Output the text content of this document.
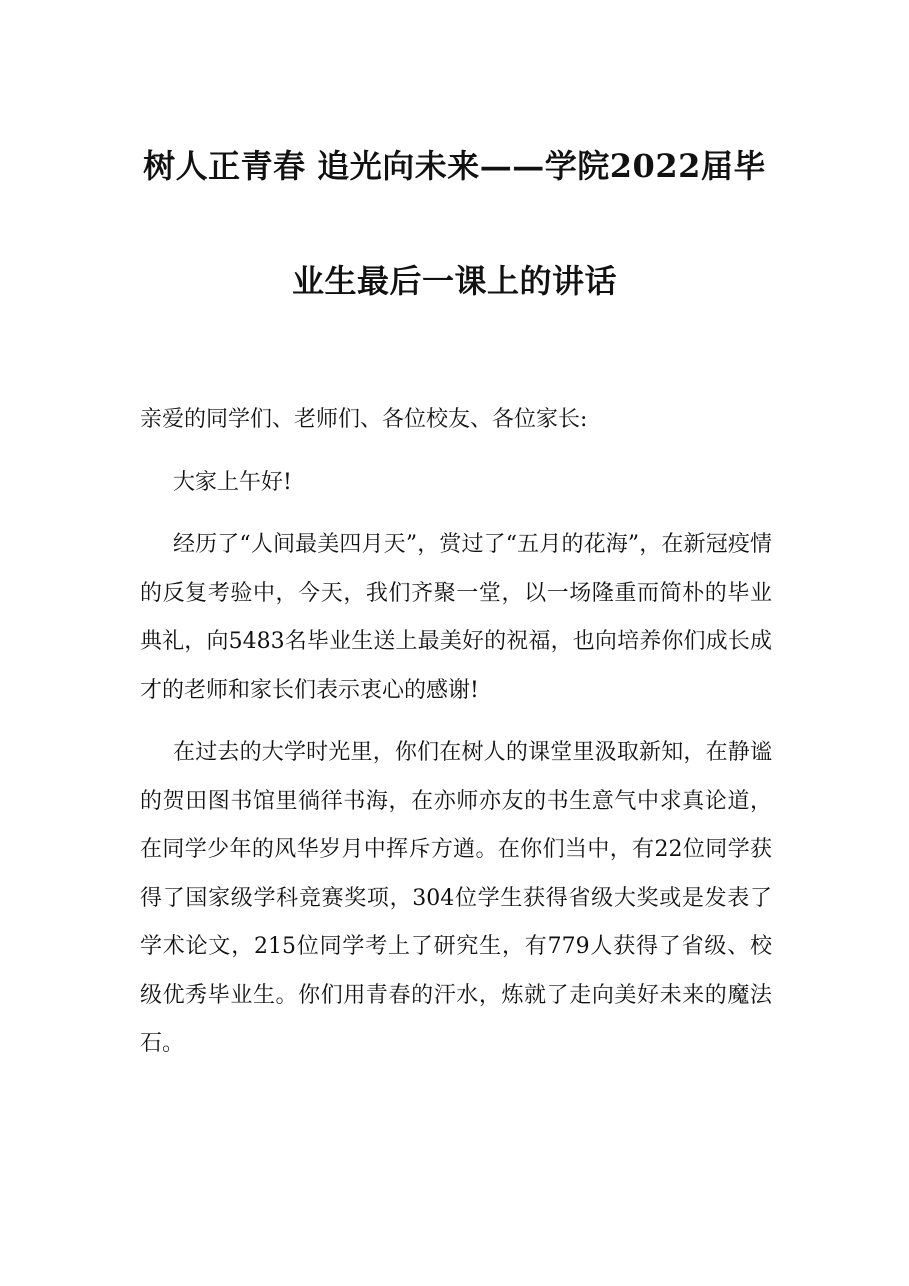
树人正青春 追光向未来——学院2022届毕
业生最后一课上的讲话

亲爱的同学们、老师们、各位校友、各位家长:

大家上午好!

经历了“人间最美四月天”，赏过了“五月的花海”，在新冠疫情的反复考验中，今天，我们齐聚一堂，以一场隆重而简朴的毕业典礼，向5483名毕业生送上最美好的祝福，也向培养你们成长成才的老师和家长们表示衷心的感谢!

在过去的大学时光里，你们在树人的课堂里汲取新知，在静谧的贺田图书馆里徜徉书海，在亦师亦友的书生意气中求真论道，在同学少年的风华岁月中挥斥方遒。在你们当中，有22位同学获得了国家级学科竞赛奖项，304位学生获得省级大奖或是发表了学术论文，215位同学考上了研究生，有779人获得了省级、校级优秀毕业生。你们用青春的汗水，炼就了走向美好未来的魔法石。
